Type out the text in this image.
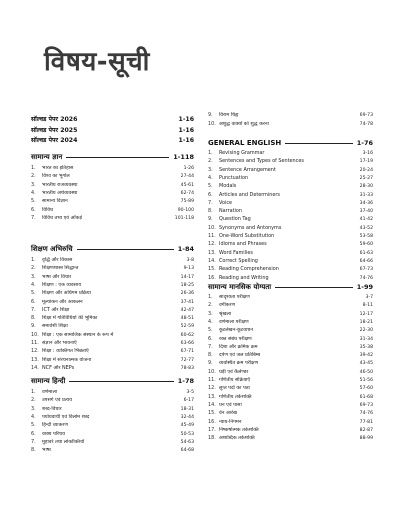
विषय-सूची
सॉल्वड पेपर 2026	1-16
सॉल्वड पेपर 2025	1-16
सॉल्वड पेपर 2024	1-16
सामान्य ज्ञान	1-118
1.	भारत का इतिहास	1-26
2.	विश्व का भूगोल	27-44
3.	भारतीय राजव्यवस्था	45-61
4.	भारतीय अर्थव्यवस्था	62-74
5.	सामान्य विज्ञान	75-89
6.	विविध	90-100
7.	विविध तथ्य एवं आँकड़े	101-118
शिक्षण अभिरुचि	1-84
1.	वृद्धि और विकास	3-8
2.	शिक्षणशास्त्र सिद्धान्त	9-13
3.	भाषा और विचार	14-17
4.	शिक्षण : एक व्यवसाय	18-25
5.	शिक्षण और अधिगम प्रक्रिया	26-36
6.	मूल्यांकन और आकलन	37-41
7.	ICT और शिक्षा	42-47
8.	शिक्षा में गतिविधियों की भूमिका	48-51
9.	समावेशी शिक्षा	52-59
10. शिक्षा : एक सामाजिक संस्थान के रूप में	60-62
11. संज्ञान और भावनाएँ	63-66
12. शिक्षा : व्यक्तिगत भिन्नताएँ	67-71
13. शिक्षा में संरचनात्मक योजना	72-77
14. NCF और NEPs	78-83
सामान्य हिन्दी	1-78
1.	वर्णमाला	3-5
2.	उपसर्ग एवं प्रत्यय	6-17
3.	शब्द-विचार	18-31
4.	पर्यायवाची एवं विलोम शब्द	32-44
5.	हिन्दी व्याकरण	45-49
6.	वाक्य परिचय	50-53
7.	मुहावरे तथा लोकोक्तियाँ	54-63
8.	भाषा	64-68
9.	विराम चिह्न	69-73
10. अशुद्ध वाक्यों को शुद्ध करना	74-78
GENERAL ENGLISH	1-76
1.	Revising Grammar	3-16
2.	Sentences and Types of Sentences	17-19
3.	Sentence Arrangement	20-24
4.	Punctuation	25-27
5.	Modals	28-30
6.	Articles and Determiners	31-33
7.	Voice	34-36
8.	Narration	37-40
9.	Question Tag	41-42
10. Synonyms and Antonyms	43-52
11. One-Word Substitution	53-58
12. Idioms and Phrases	59-60
13. Word Families	61-63
14. Correct Spelling	64-66
15. Reading Comprehension	67-73
16. Reading and Writing	74-76
सामान्य मानसिक योग्यता	1-99
1.	सादृश्यता परीक्षण	3-7
2.	वर्गीकरण	8-11
3.	श्रृंखला	12-17
4.	वर्णमाला परीक्षण	18-21
5.	कूटलेखन-कूटवाचन	22-30
6.	रक्त संबंध परीक्षण	31-34
7.	दिशा और क्रमिक क्रम	35-38
8.	दर्पण एवं जल प्रतिबिम्ब	39-42
9.	व्यवस्थित क्रम परीक्षण	43-45
10. घड़ी एवं कैलेण्डर	46-50
11. गणितीय संक्रियाएँ	51-56
12. लुप्त पदों का पता	57-60
13. गणितीय तर्कशक्ति	61-68
14. घन एवं पासा	69-73
15. वेन आरेख	74-76
16. न्याय-निगमन	77-81
17. निष्कर्षात्मक तर्कशक्ति	82-87
18. अशाब्दिक तर्कशक्ति	88-99
